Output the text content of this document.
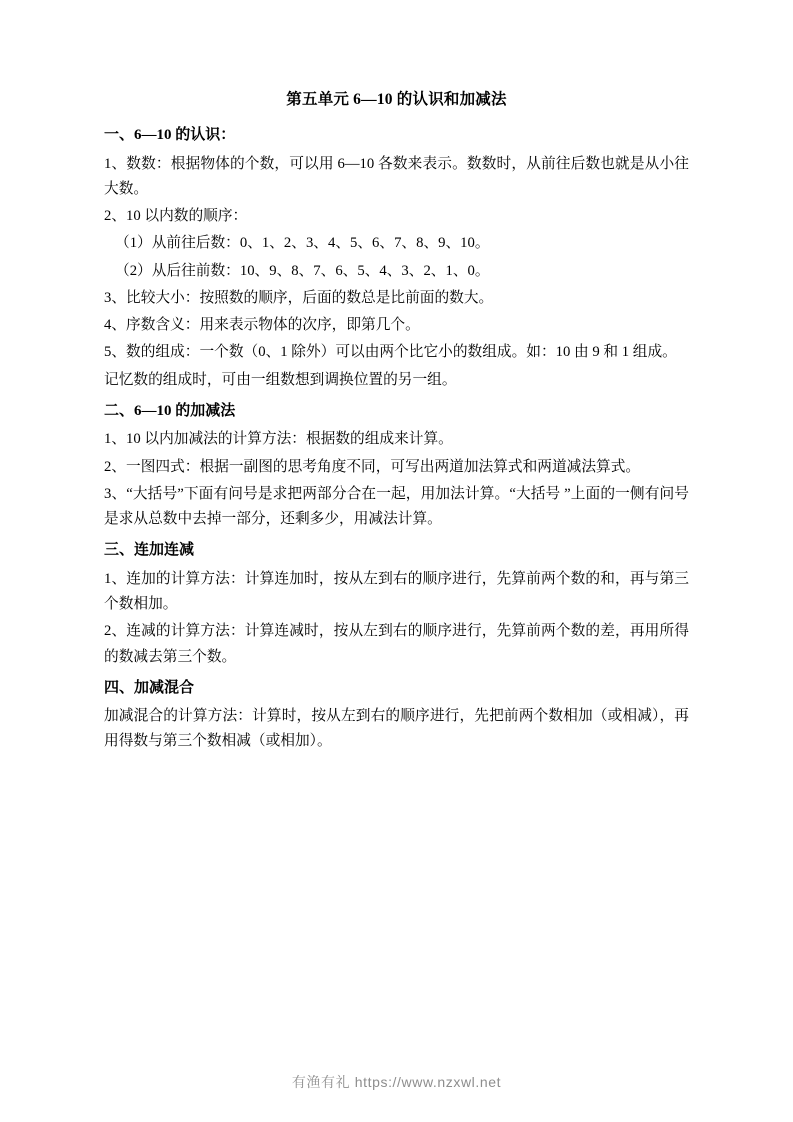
第五单元 6—10 的认识和加减法
一、6—10 的认识：

1、数数：根据物体的个数，可以用 6—10 各数来表示。数数时，从前往后数也就是从小往大数。

2、10 以内数的顺序：

（1）从前往后数：0、1、2、3、4、5、6、7、8、9、10。

（2）从后往前数：10、9、8、7、6、5、4、3、2、1、0。

3、比较大小：按照数的顺序，后面的数总是比前面的数大。

4、序数含义：用来表示物体的次序，即第几个。

5、数的组成：一个数（0、1 除外）可以由两个比它小的数组成。如：10 由 9 和 1 组成。

记忆数的组成时，可由一组数想到调换位置的另一组。

二、6—10 的加减法

1、10 以内加减法的计算方法：根据数的组成来计算。

2、一图四式：根据一副图的思考角度不同，可写出两道加法算式和两道减法算式。

3、“大括号”下面有问号是求把两部分合在一起，用加法计算。“大括号 ”上面的一侧有问号是求从总数中去掉一部分，还剩多少，用减法计算。

三、连加连减

1、连加的计算方法：计算连加时，按从左到右的顺序进行，先算前两个数的和，再与第三个数相加。

2、连减的计算方法：计算连减时，按从左到右的顺序进行，先算前两个数的差，再用所得的数减去第三个数。

四、加减混合

加减混合的计算方法：计算时，按从左到右的顺序进行，先把前两个数相加（或相减），再用得数与第三个数相减（或相加）。

有渔有礼 https://www.nzxwl.net
